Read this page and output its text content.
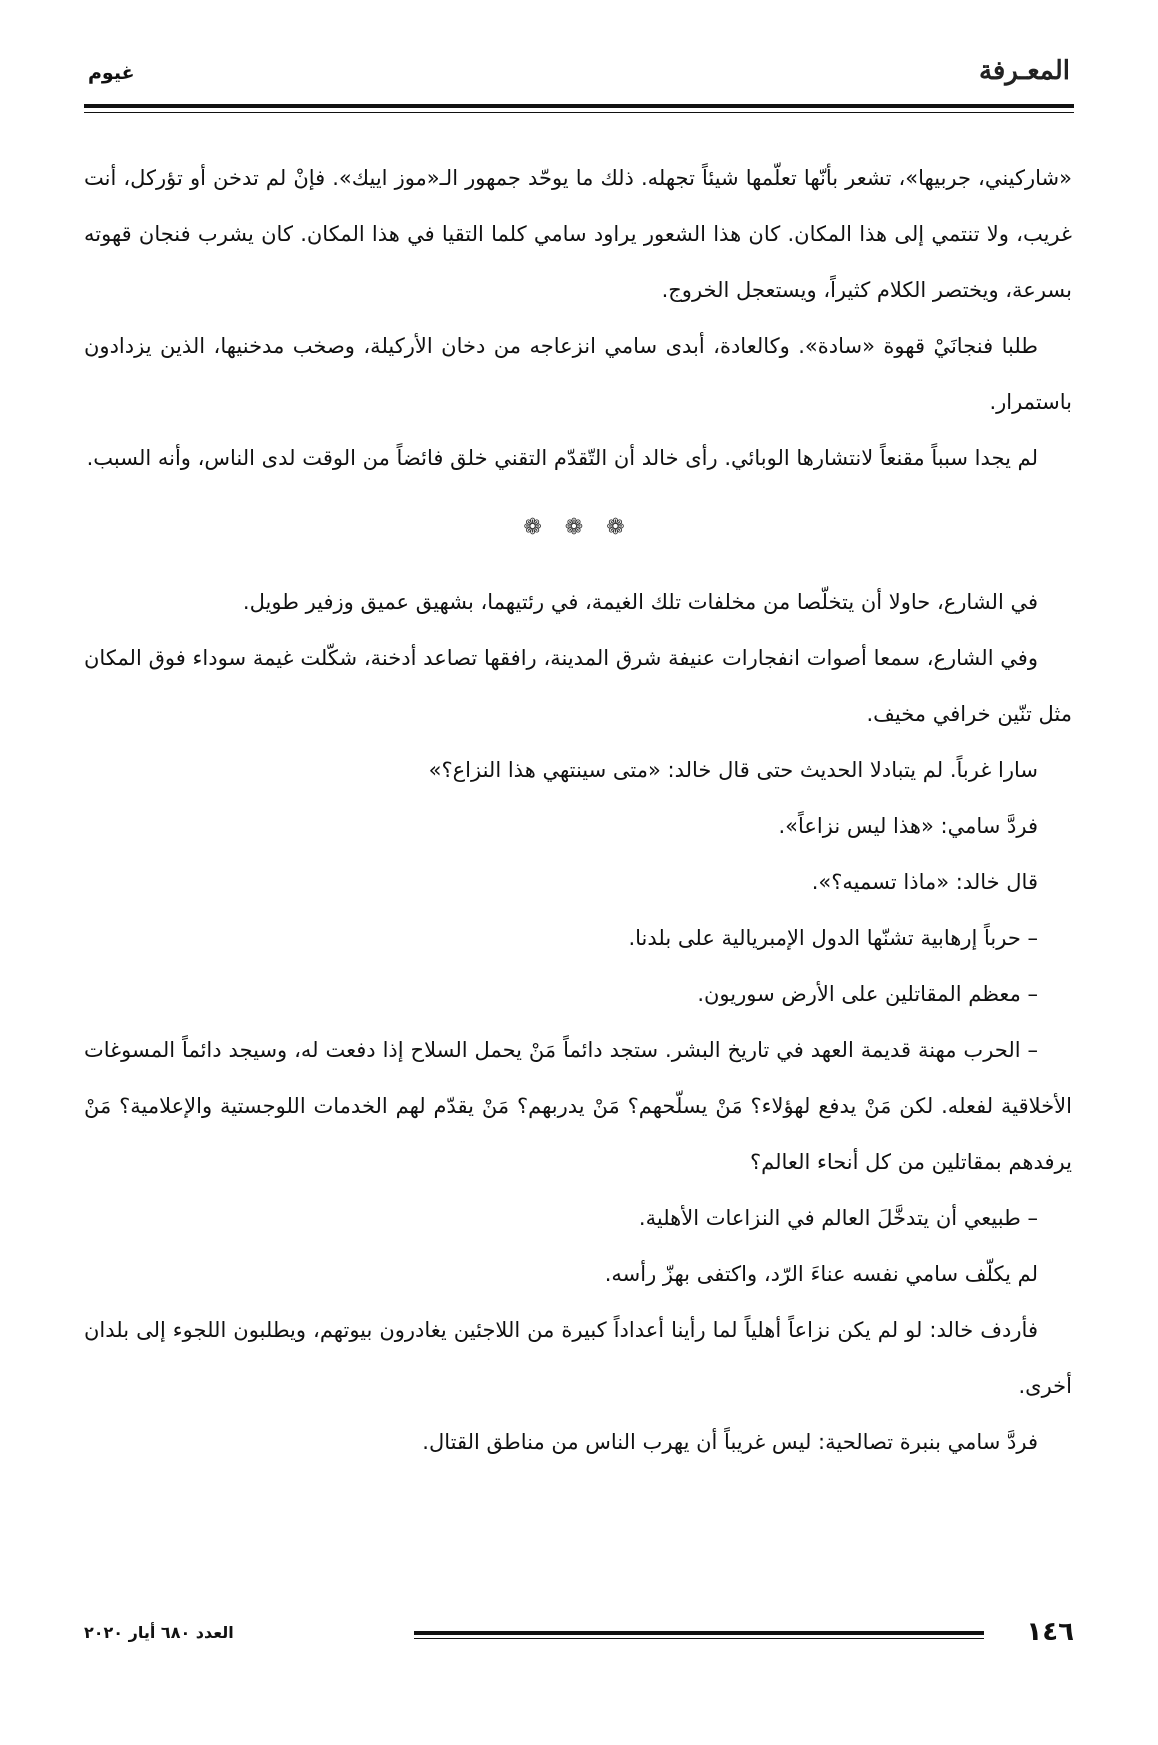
المعـرفة
غيوم

«شاركيني، جربيها»، تشعر بأنّها تعلّمها شيئاً تجهله. ذلك ما يوحّد جمهور الـ«موز اييك». فإنْ لم تدخن أو تؤركل، أنت غريب، ولا تنتمي إلى هذا المكان. كان هذا الشعور يراود سامي كلما التقيا في هذا المكان. كان يشرب فنجان قهوته بسرعة، ويختصر الكلام كثيراً، ويستعجل الخروج.

طلبا فنجانَيْ قهوة «سادة». وكالعادة، أبدى سامي انزعاجه من دخان الأركيلة، وصخب مدخنيها، الذين يزدادون باستمرار.

لم يجدا سبباً مقنعاً لانتشارها الوبائي. رأى خالد أن التّقدّم التقني خلق فائضاً من الوقت لدى الناس، وأنه السبب.

❁ ❁ ❁

في الشارع، حاولا أن يتخلّصا من مخلفات تلك الغيمة، في رئتيهما، بشهيق عميق وزفير طويل.

وفي الشارع، سمعا أصوات انفجارات عنيفة شرق المدينة، رافقها تصاعد أدخنة، شكّلت غيمة سوداء فوق المكان مثل تنّين خرافي مخيف.

سارا غرباً. لم يتبادلا الحديث حتى قال خالد: «متى سينتهي هذا النزاع؟»

فردَّ سامي: «هذا ليس نزاعاً».

قال خالد: «ماذا تسميه؟».

– حرباً إرهابية تشنّها الدول الإمبريالية على بلدنا.

– معظم المقاتلين على الأرض سوريون.

– الحرب مهنة قديمة العهد في تاريخ البشر. ستجد دائماً مَنْ يحمل السلاح إذا دفعت له، وسيجد دائماً المسوغات الأخلاقية لفعله. لكن مَنْ يدفع لهؤلاء؟ مَنْ يسلّحهم؟ مَنْ يدربهم؟ مَنْ يقدّم لهم الخدمات اللوجستية والإعلامية؟ مَنْ يرفدهم بمقاتلين من كل أنحاء العالم؟

– طبيعي أن يتدخَّلَ العالم في النزاعات الأهلية.

لم يكلّف سامي نفسه عناءَ الرّد، واكتفى بهزّ رأسه.

فأردف خالد: لو لم يكن نزاعاً أهلياً لما رأينا أعداداً كبيرة من اللاجئين يغادرون بيوتهم، ويطلبون اللجوء إلى بلدان أخرى.

فردَّ سامي بنبرة تصالحية: ليس غريباً أن يهرب الناس من مناطق القتال.

١٤٦
العدد ٦٨٠ أيار ٢٠٢٠
